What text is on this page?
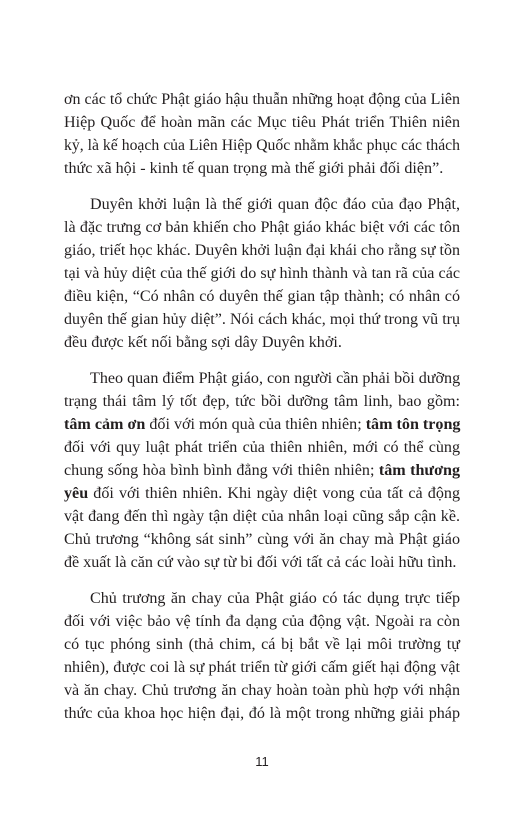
ơn các tổ chức Phật giáo hậu thuẫn những hoạt động của Liên
Hiệp Quốc để hoàn mãn các Mục tiêu Phát triển Thiên niên
kỷ, là kế hoạch của Liên Hiệp Quốc nhằm khắc phục các thách
thức xã hội - kinh tế quan trọng mà thế giới phải đối diện”.

Duyên khởi luận là thế giới quan độc đáo của đạo Phật,
là đặc trưng cơ bản khiến cho Phật giáo khác biệt với các tôn
giáo, triết học khác. Duyên khởi luận đại khái cho rằng sự tồn
tại và hủy diệt của thế giới do sự hình thành và tan rã của các
điều kiện, “Có nhân có duyên thế gian tập thành; có nhân có
duyên thế gian hủy diệt”. Nói cách khác, mọi thứ trong vũ trụ
đều được kết nối bằng sợi dây Duyên khởi.

Theo quan điểm Phật giáo, con người cần phải bồi dưỡng
trạng thái tâm lý tốt đẹp, tức bồi dưỡng tâm linh, bao gồm:
tâm cảm ơn đối với món quà của thiên nhiên; tâm tôn trọng
đối với quy luật phát triển của thiên nhiên, mới có thể cùng
chung sống hòa bình bình đẳng với thiên nhiên; tâm thương
yêu đối với thiên nhiên. Khi ngày diệt vong của tất cả động
vật đang đến thì ngày tận diệt của nhân loại cũng sắp cận kề.
Chủ trương “không sát sinh” cùng với ăn chay mà Phật giáo
đề xuất là căn cứ vào sự từ bi đối với tất cả các loài hữu tình.

Chủ trương ăn chay của Phật giáo có tác dụng trực tiếp
đối với việc bảo vệ tính đa dạng của động vật. Ngoài ra còn
có tục phóng sinh (thả chim, cá bị bắt về lại môi trường tự
nhiên), được coi là sự phát triển từ giới cấm giết hại động vật
và ăn chay. Chủ trương ăn chay hoàn toàn phù hợp với nhận
thức của khoa học hiện đại, đó là một trong những giải pháp

11
